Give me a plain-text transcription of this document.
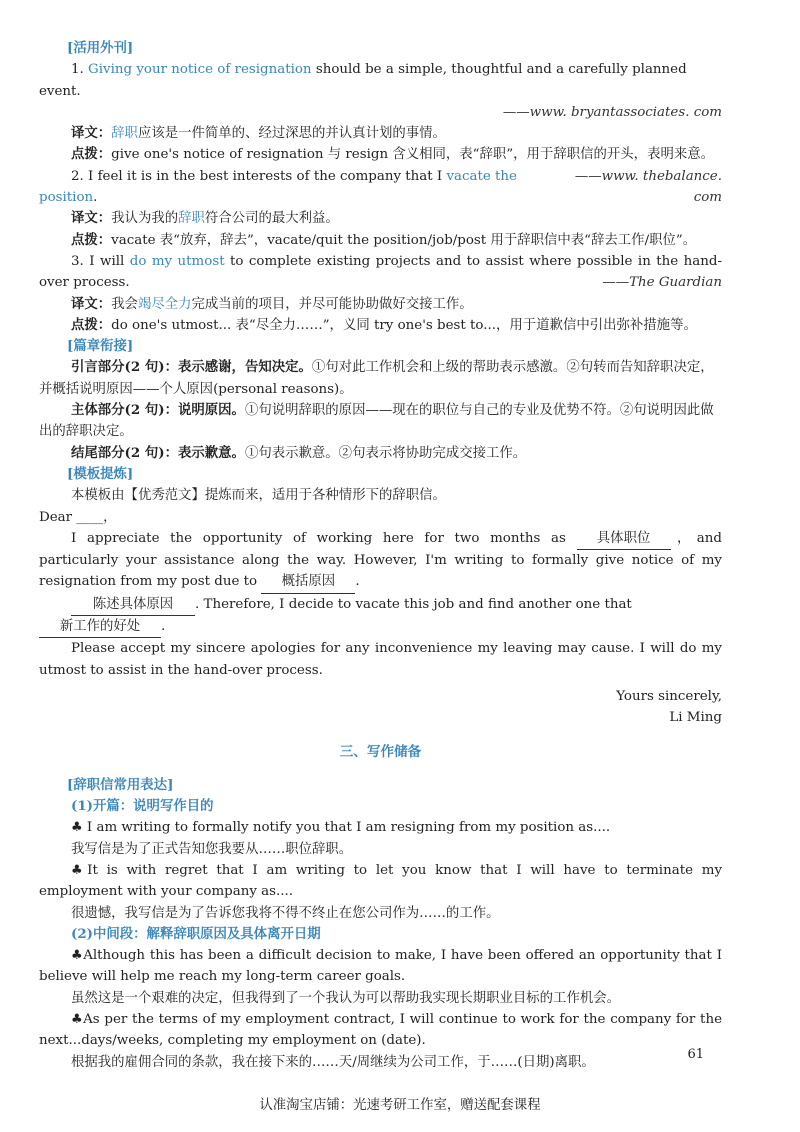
[活用外刊]
1. Giving your notice of resignation should be a simple, thoughtful and a carefully planned event.
——www. bryantassociates. com
译文：辞职应该是一件简单的、经过深思的并认真计划的事情。
点拨：give one's notice of resignation 与 resign 含义相同，表“辞职”，用于辞职信的开头，表明来意。
2. I feel it is in the best interests of the company that I vacate the position.
——www. thebalance. com
译文：我认为我的辞职符合公司的最大利益。
点拨：vacate 表“放弃，辞去”，vacate/quit the position/job/post 用于辞职信中表“辞去工作/职位”。
3. I will do my utmost to complete existing projects and to assist where possible in the hand-over process.	——The Guardian
译文：我会竭尽全力完成当前的项目，并尽可能协助做好交接工作。
点拨：do one's utmost... 表“尽全力……”，义同 try one's best to...，用于道歉信中引出弥补措施等。
[篇章衔接]
引言部分(2 句)：表示感谢，告知决定。①句对此工作机会和上级的帮助表示感激。②句转而告知辞职决定，并概括说明原因——个人原因(personal reasons)。
主体部分(2 句)：说明原因。①句说明辞职的原因——现在的职位与自己的专业及优势不符。②句说明因此做出的辞职决定。
结尾部分(2 句)：表示歉意。①句表示歉意。②句表示将协助完成交接工作。
[模板提炼]
本模板由【优秀范文】提炼而来，适用于各种情形下的辞职信。
Dear ____，
I appreciate the opportunity of working here for two months as 具体职位 ，and particularly your assistance along the way. However, I'm writing to formally give notice of my resignation from my post due to 概括原因 .
陈述具体原因 . Therefore, I decide to vacate this job and find another one that 新工作的好处 .
Please accept my sincere apologies for any inconvenience my leaving may cause. I will do my utmost to assist in the hand-over process.
Yours sincerely,
Li Ming
三、写作储备
[辞职信常用表达]
(1)开篇：说明写作目的
♣ I am writing to formally notify you that I am resigning from my position as....
我写信是为了正式告知您我要从……职位辞职。
♣It is with regret that I am writing to let you know that I will have to terminate my employment with your company as....
很遗憾，我写信是为了告诉您我将不得不终止在您公司作为……的工作。
(2)中间段：解释辞职原因及具体离开日期
♣Although this has been a difficult decision to make, I have been offered an opportunity that I believe will help me reach my long-term career goals.
虽然这是一个艰难的决定，但我得到了一个我认为可以帮助我实现长期职业目标的工作机会。
♣As per the terms of my employment contract, I will continue to work for the company for the next...days/weeks, completing my employment on (date).
根据我的雇佣合同的条款，我在接下来的……天/周继续为公司工作，于……(日期)离职。
61
认准淘宝店铺：光速考研工作室，赠送配套课程
